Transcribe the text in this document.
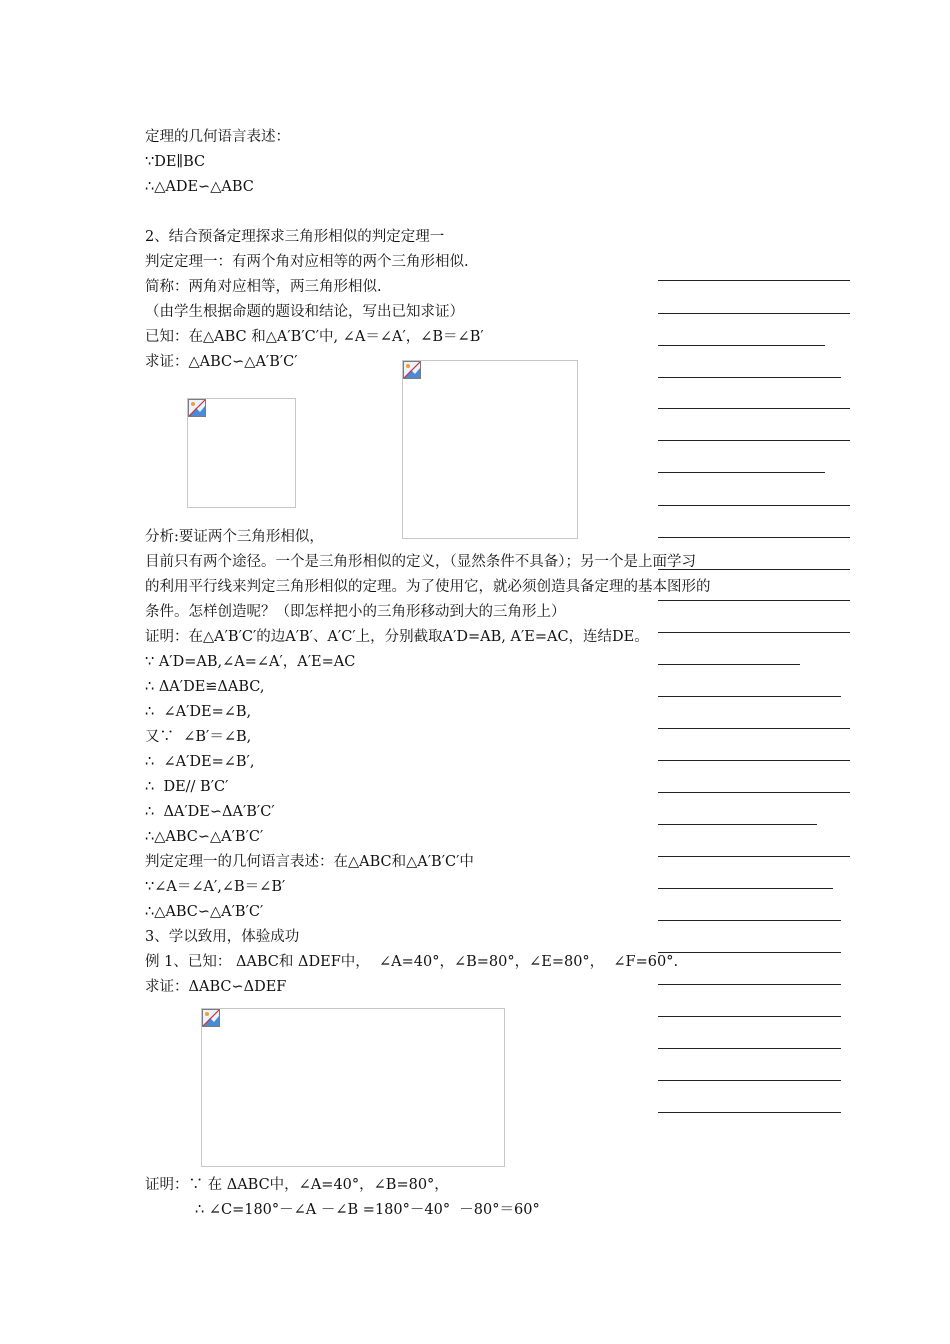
定理的几何语言表述：
∵DE∥BC
∴△ADE∽△ABC
2、结合预备定理探求三角形相似的判定定理一
判定定理一：有两个角对应相等的两个三角形相似.
简称：两角对应相等，两三角形相似.
（由学生根据命题的题设和结论，写出已知求证）
已知：在△ABC 和△A′B′C′中, ∠A＝∠A′，∠B＝∠B′
求证：△ABC∽△A′B′C′
分析:要证两个三角形相似，
目前只有两个途径。一个是三角形相似的定义，（显然条件不具备）；另一个是上面学习
的利用平行线来判定三角形相似的定理。为了使用它，就必须创造具备定理的基本图形的
条件。怎样创造呢？（即怎样把小的三角形移动到大的三角形上）
证明：在△A′B′C′的边A′B′、A′C′上，分别截取A′D=AB, A′E=AC，连结DE。
∵ A′D=AB,∠A=∠A′，A′E=AC
∴ ΔA′DE≌ΔABC,
∴  ∠A′DE=∠B,
又∵  ∠B′＝∠B,
∴  ∠A′DE=∠B′,
∴  DE// B′C′
∴  ΔA′DE∽ΔA′B′C′
∴△ABC∽△A′B′C′
判定定理一的几何语言表述：在△ABC和△A′B′C′中
∵∠A＝∠A′,∠B＝∠B′
∴△ABC∽△A′B′C′
3、学以致用，体验成功
例 1、已知： ΔABC和 ΔDEF中，  ∠A=40°，∠B=80°，∠E=80°，  ∠F=60°.
求证：ΔABC∽ΔDEF
证明：∵ 在 ΔABC中，∠A=40°，∠B=80°，
∴ ∠C=180°－∠A －∠B =180°－40°  －80°＝60°
